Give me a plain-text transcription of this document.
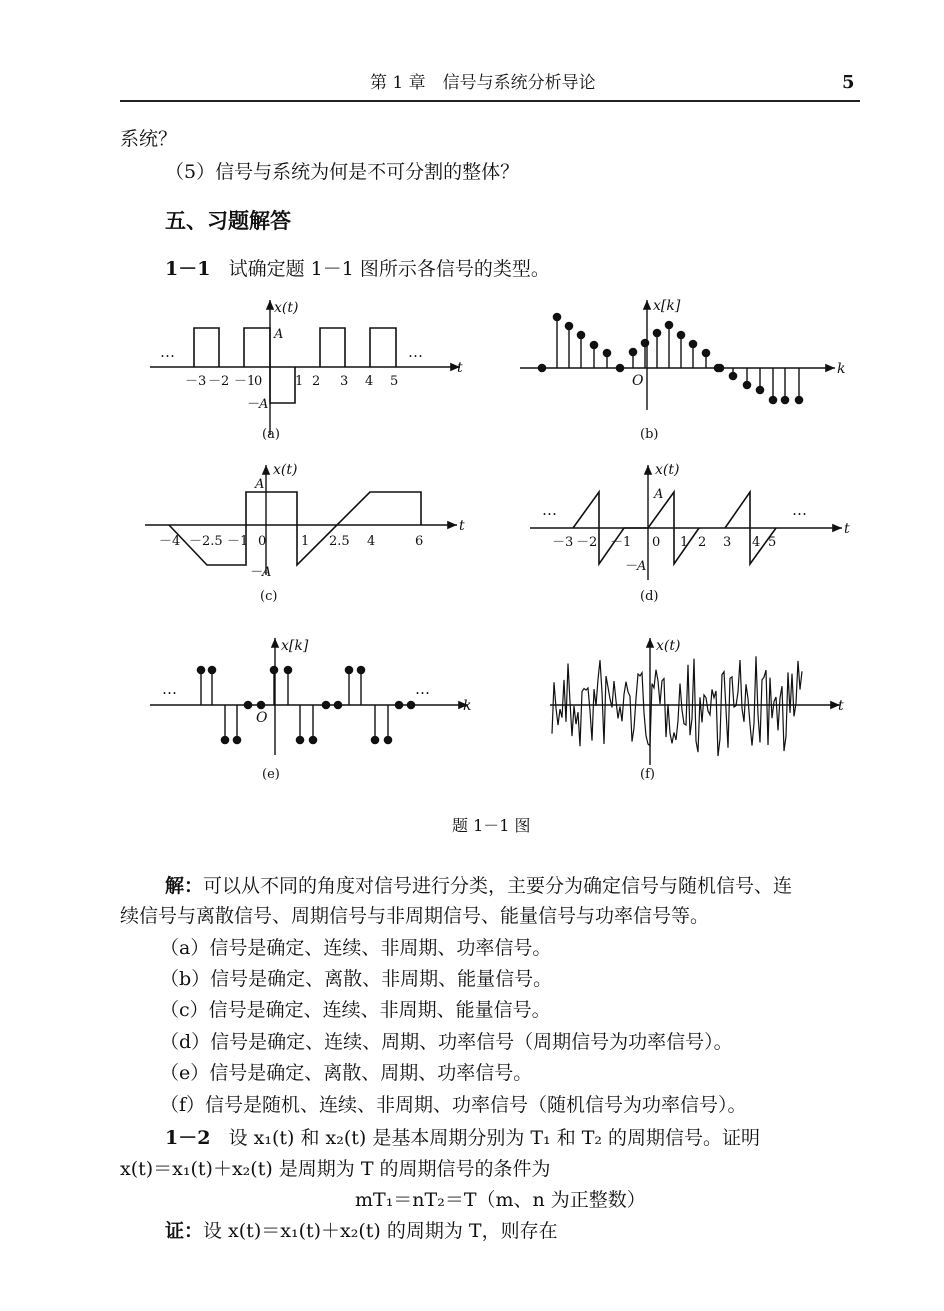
第 1 章　信号与系统分析导论	5
系统？
（5）信号与系统为何是不可分割的整体？
五、习题解答
1－1 试确定题 1－1 图所示各信号的类型。
…	…
x(t)
t
A
－A
－3 －2 －1
0	1 2 3 4 5
(a)
x[k]
k
O
(b)
x(t)
t
A
－A
－4 －2.5 －1 0	1 2.5 4	6
(c)
x(t)
t
A
－A
…	…
－3 －2 －1 0 1 2 3 4 5
(d)
x[k]
k
O
…	…
(e)
x(t)
t
(f)
题 1－1 图
解：可以从不同的角度对信号进行分类，主要分为确定信号与随机信号、连
续信号与离散信号、周期信号与非周期信号、能量信号与功率信号等。
（a）信号是确定、连续、非周期、功率信号。
（b）信号是确定、离散、非周期、能量信号。
（c）信号是确定、连续、非周期、能量信号。
（d）信号是确定、连续、周期、功率信号（周期信号为功率信号）。
（e）信号是确定、离散、周期、功率信号。
（f）信号是随机、连续、非周期、功率信号（随机信号为功率信号）。
1－2 设 x₁(t) 和 x₂(t) 是基本周期分别为 T₁ 和 T₂ 的周期信号。证明
x(t)＝x₁(t)＋x₂(t) 是周期为 T 的周期信号的条件为
mT₁＝nT₂＝T（m、n 为正整数）
证：设 x(t)＝x₁(t)＋x₂(t) 的周期为 T，则存在
